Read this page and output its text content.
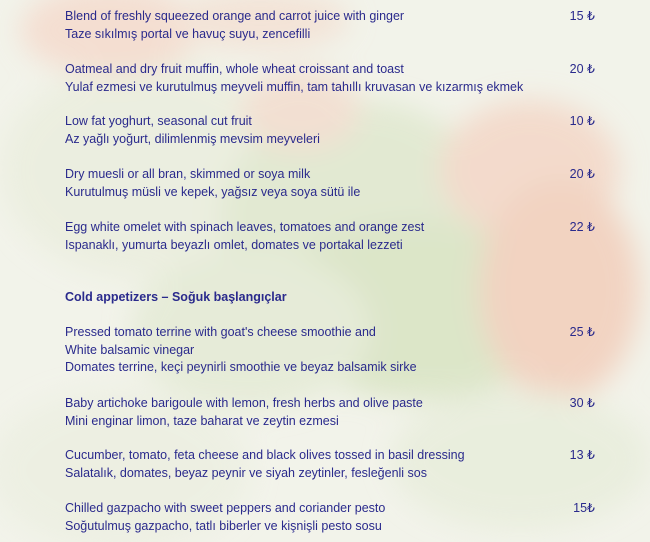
Blend of freshly squeezed orange and carrot juice with ginger
Taze sıkılmış portal ve havuç suyu, zencefilli
15 ₺
Oatmeal and dry fruit muffin, whole wheat croissant and toast
Yulaf ezmesi ve kurutulmuş meyveli muffin, tam tahıllı kruvasan ve kızarmış ekmek
20 ₺
Low fat yoghurt, seasonal cut fruit
Az yağlı yoğurt, dilimlenmiş mevsim meyveleri
10 ₺
Dry muesli or all bran, skimmed or soya milk
Kurutulmuş müsli ve kepek, yağsız veya soya sütü ile
20 ₺
Egg white omelet with spinach leaves, tomatoes and orange zest
Ispanaklı, yumurta beyazlı omlet, domates ve portakal lezzeti
22 ₺
Cold appetizers – Soğuk başlangıçlar
Pressed tomato terrine with goat's cheese smoothie and
White balsamic vinegar
Domates terrine, keçi peynirli smoothie ve beyaz balsamik sirke
25 ₺
Baby artichoke barigoule with lemon, fresh herbs and olive paste
Mini enginar limon, taze baharat ve zeytin ezmesi
30 ₺
Cucumber, tomato, feta cheese and black olives tossed in basil dressing
Salatalık, domates, beyaz peynir ve siyah zeytinler, fesleğenli sos
13 ₺
Chilled gazpacho with sweet peppers and coriander pesto
Soğutulmuş gazpacho, tatlı biberler ve kişnişli pesto sosu
15₺
